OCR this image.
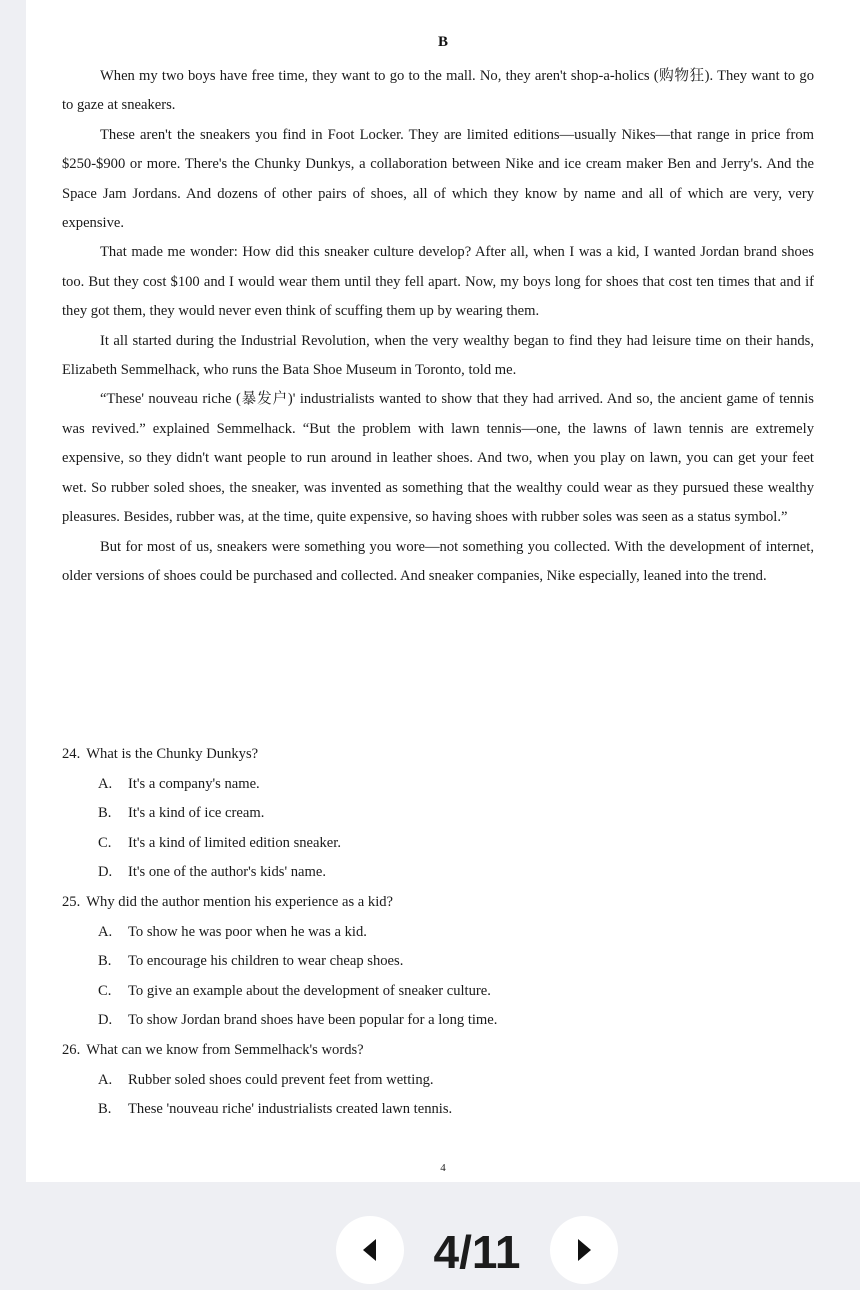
B

When my two boys have free time, they want to go to the mall. No, they aren't shop-a-holics (购物狂). They want to go to gaze at sneakers.

These aren't the sneakers you find in Foot Locker. They are limited editions—usually Nikes—that range in price from $250-$900 or more. There's the Chunky Dunkys, a collaboration between Nike and ice cream maker Ben and Jerry's. And the Space Jam Jordans. And dozens of other pairs of shoes, all of which they know by name and all of which are very, very expensive.

That made me wonder: How did this sneaker culture develop? After all, when I was a kid, I wanted Jordan brand shoes too. But they cost $100 and I would wear them until they fell apart. Now, my boys long for shoes that cost ten times that and if they got them, they would never even think of scuffing them up by wearing them.

It all started during the Industrial Revolution, when the very wealthy began to find they had leisure time on their hands, Elizabeth Semmelhack, who runs the Bata Shoe Museum in Toronto, told me.

“These' nouveau riche (暴发户)' industrialists wanted to show that they had arrived. And so, the ancient game of tennis was revived.” explained Semmelhack. “But the problem with lawn tennis—one, the lawns of lawn tennis are extremely expensive, so they didn't want people to run around in leather shoes. And two, when you play on lawn, you can get your feet wet. So rubber soled shoes, the sneaker, was invented as something that the wealthy could wear as they pursued these wealthy pleasures. Besides, rubber was, at the time, quite expensive, so having shoes with rubber soles was seen as a status symbol.”

But for most of us, sneakers were something you wore—not something you collected. With the development of internet, older versions of shoes could be purchased and collected. And sneaker companies, Nike especially, leaned into the trend.

24. What is the Chunky Dunkys?
A. It's a company's name.
B. It's a kind of ice cream.
C. It's a kind of limited edition sneaker.
D. It's one of the author's kids' name.
25. Why did the author mention his experience as a kid?
A. To show he was poor when he was a kid.
B. To encourage his children to wear cheap shoes.
C. To give an example about the development of sneaker culture.
D. To show Jordan brand shoes have been popular for a long time.
26. What can we know from Semmelhack's words?
A. Rubber soled shoes could prevent feet from wetting.
B. These 'nouveau riche' industrialists created lawn tennis.
4
4/11
